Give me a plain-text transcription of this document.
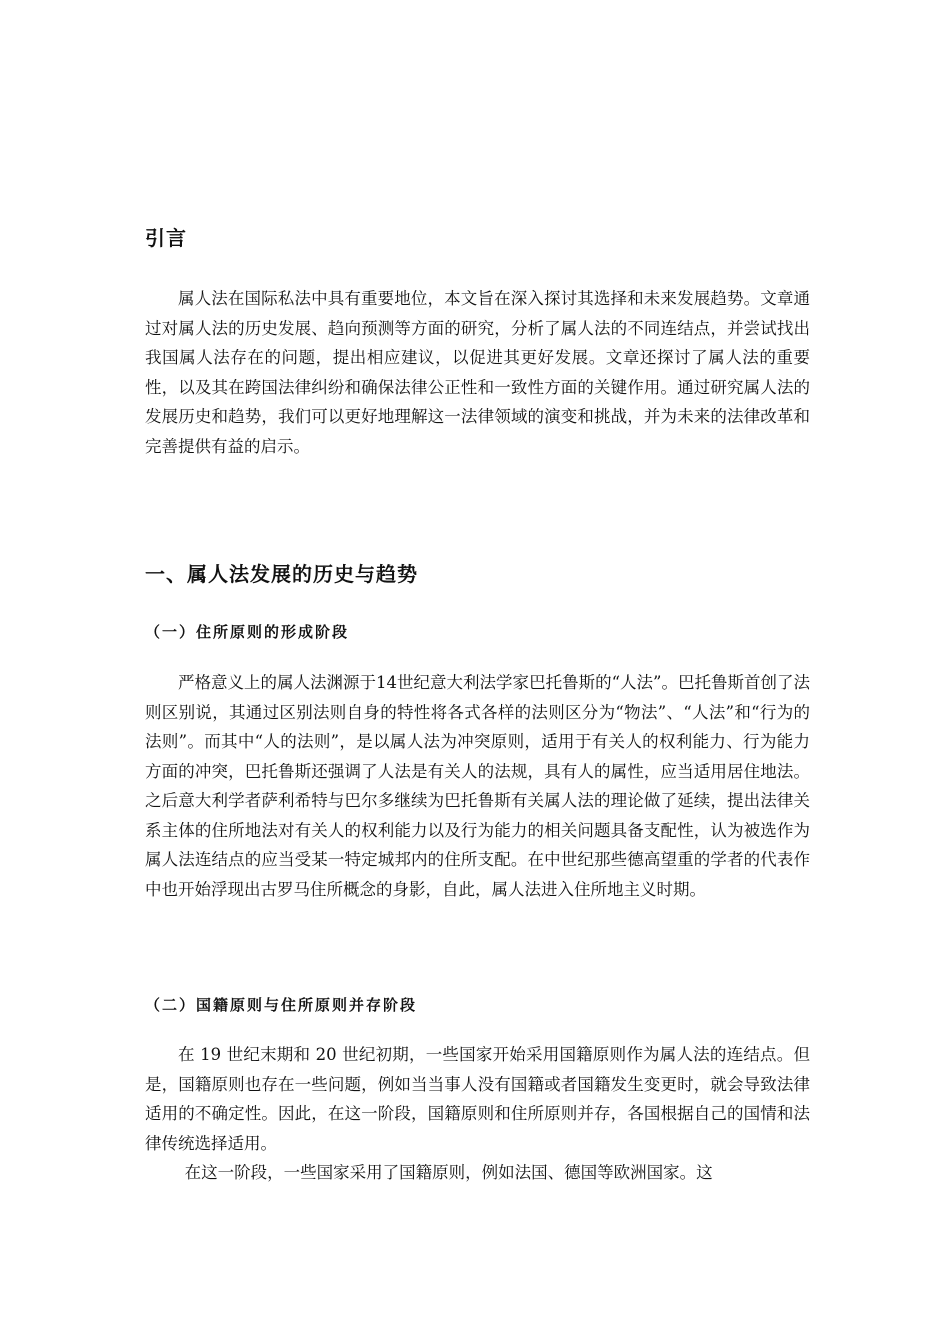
引言

属人法在国际私法中具有重要地位，本文旨在深入探讨其选择和未来发展趋势。文章通过对属人法的历史发展、趋向预测等方面的研究，分析了属人法的不同连结点，并尝试找出我国属人法存在的问题，提出相应建议，以促进其更好发展。文章还探讨了属人法的重要性，以及其在跨国法律纠纷和确保法律公正性和一致性方面的关键作用。通过研究属人法的发展历史和趋势，我们可以更好地理解这一法律领域的演变和挑战，并为未来的法律改革和完善提供有益的启示。

一、属人法发展的历史与趋势
（一）住所原则的形成阶段

严格意义上的属人法渊源于14世纪意大利法学家巴托鲁斯的“人法”。巴托鲁斯首创了法则区别说，其通过区别法则自身的特性将各式各样的法则区分为“物法”、“人法”和“行为的法则”。而其中“人的法则”，是以属人法为冲突原则，适用于有关人的权利能力、行为能力方面的冲突，巴托鲁斯还强调了人法是有关人的法规，具有人的属性，应当适用居住地法。之后意大利学者萨利希特与巴尔多继续为巴托鲁斯有关属人法的理论做了延续，提出法律关系主体的住所地法对有关人的权利能力以及行为能力的相关问题具备支配性，认为被选作为属人法连结点的应当受某一特定城邦内的住所支配。在中世纪那些德高望重的学者的代表作中也开始浮现出古罗马住所概念的身影，自此，属人法进入住所地主义时期。

（二）国籍原则与住所原则并存阶段

在 19 世纪末期和 20 世纪初期，一些国家开始采用国籍原则作为属人法的连结点。但是，国籍原则也存在一些问题，例如当当事人没有国籍或者国籍发生变更时，就会导致法律适用的不确定性。因此，在这一阶段，国籍原则和住所原则并存，各国根据自己的国情和法律传统选择适用。

在这一阶段，一些国家采用了国籍原则，例如法国、德国等欧洲国家。这
